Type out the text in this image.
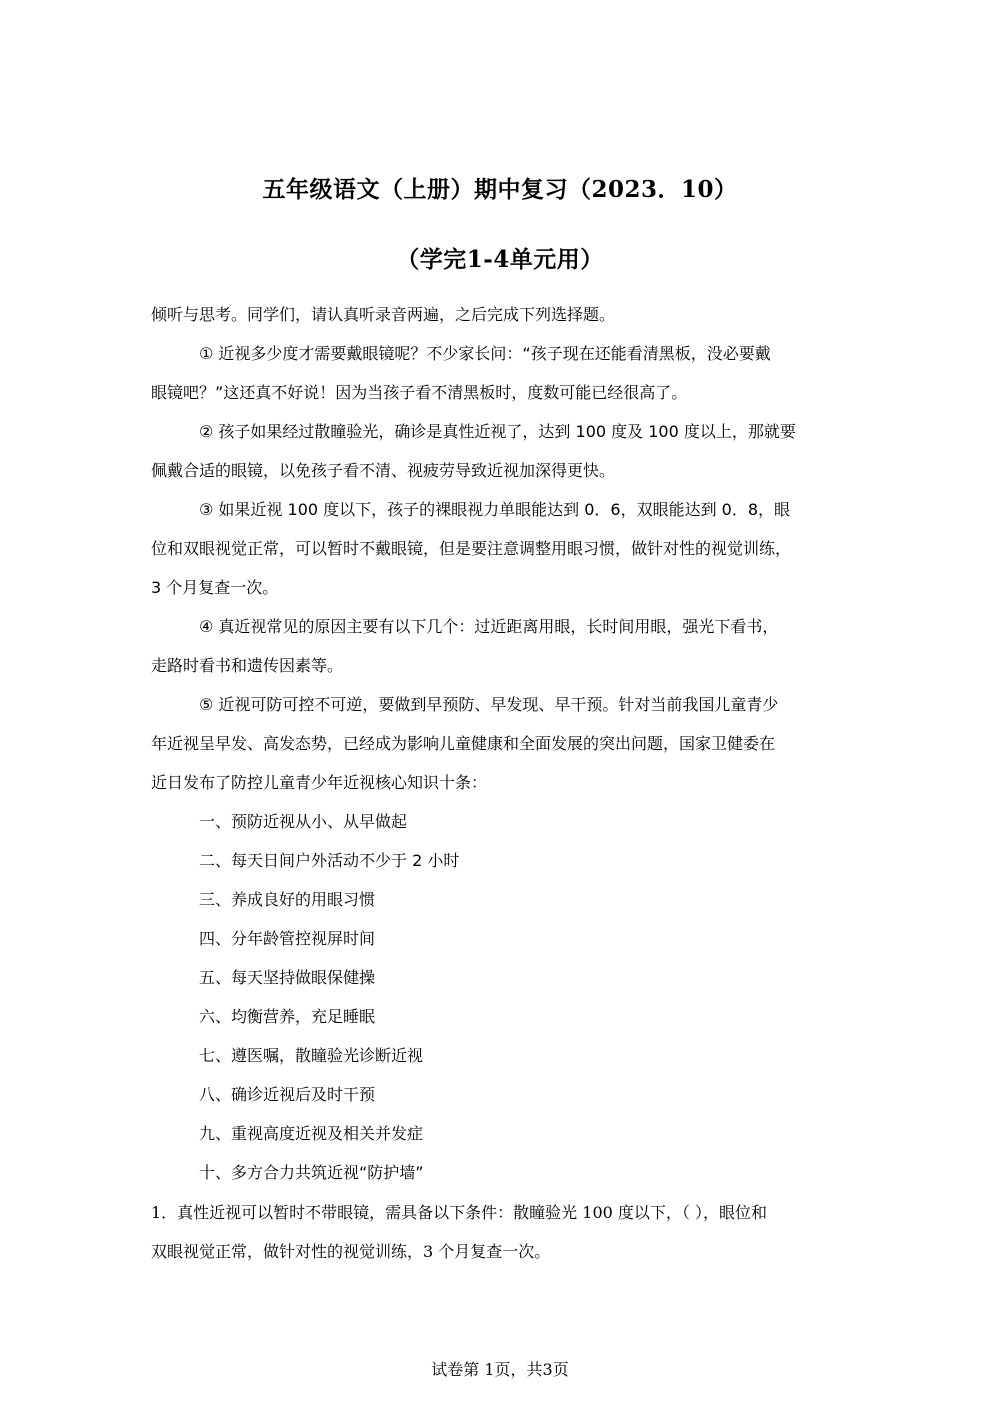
五年级语文（上册）期中复习（2023．10）
（学完1-4单元用）
倾听与思考。同学们，请认真听录音两遍，之后完成下列选择题。
① 近视多少度才需要戴眼镜呢？不少家长问：“孩子现在还能看清黑板，没必要戴
眼镜吧？”这还真不好说！因为当孩子看不清黑板时，度数可能已经很高了。
② 孩子如果经过散瞳验光，确诊是真性近视了，达到 100 度及 100 度以上，那就要
佩戴合适的眼镜，以免孩子看不清、视疲劳导致近视加深得更快。
③ 如果近视 100 度以下，孩子的裸眼视力单眼能达到 0．6，双眼能达到 0．8，眼
位和双眼视觉正常，可以暂时不戴眼镜，但是要注意调整用眼习惯，做针对性的视觉训练，
3 个月复查一次。
④ 真近视常见的原因主要有以下几个：过近距离用眼，长时间用眼，强光下看书，
走路时看书和遗传因素等。
⑤ 近视可防可控不可逆，要做到早预防、早发现、早干预。针对当前我国儿童青少
年近视呈早发、高发态势，已经成为影响儿童健康和全面发展的突出问题，国家卫健委在
近日发布了防控儿童青少年近视核心知识十条：
一、预防近视从小、从早做起
二、每天日间户外活动不少于 2 小时
三、养成良好的用眼习惯
四、分年龄管控视屏时间
五、每天坚持做眼保健操
六、均衡营养，充足睡眠
七、遵医嘱，散瞳验光诊断近视
八、确诊近视后及时干预
九、重视高度近视及相关并发症
十、多方合力共筑近视“防护墙”
1．真性近视可以暂时不带眼镜，需具备以下条件：散瞳验光 100 度以下，（ ），眼位和
双眼视觉正常，做针对性的视觉训练，3 个月复查一次。
试卷第 1页，共3页
